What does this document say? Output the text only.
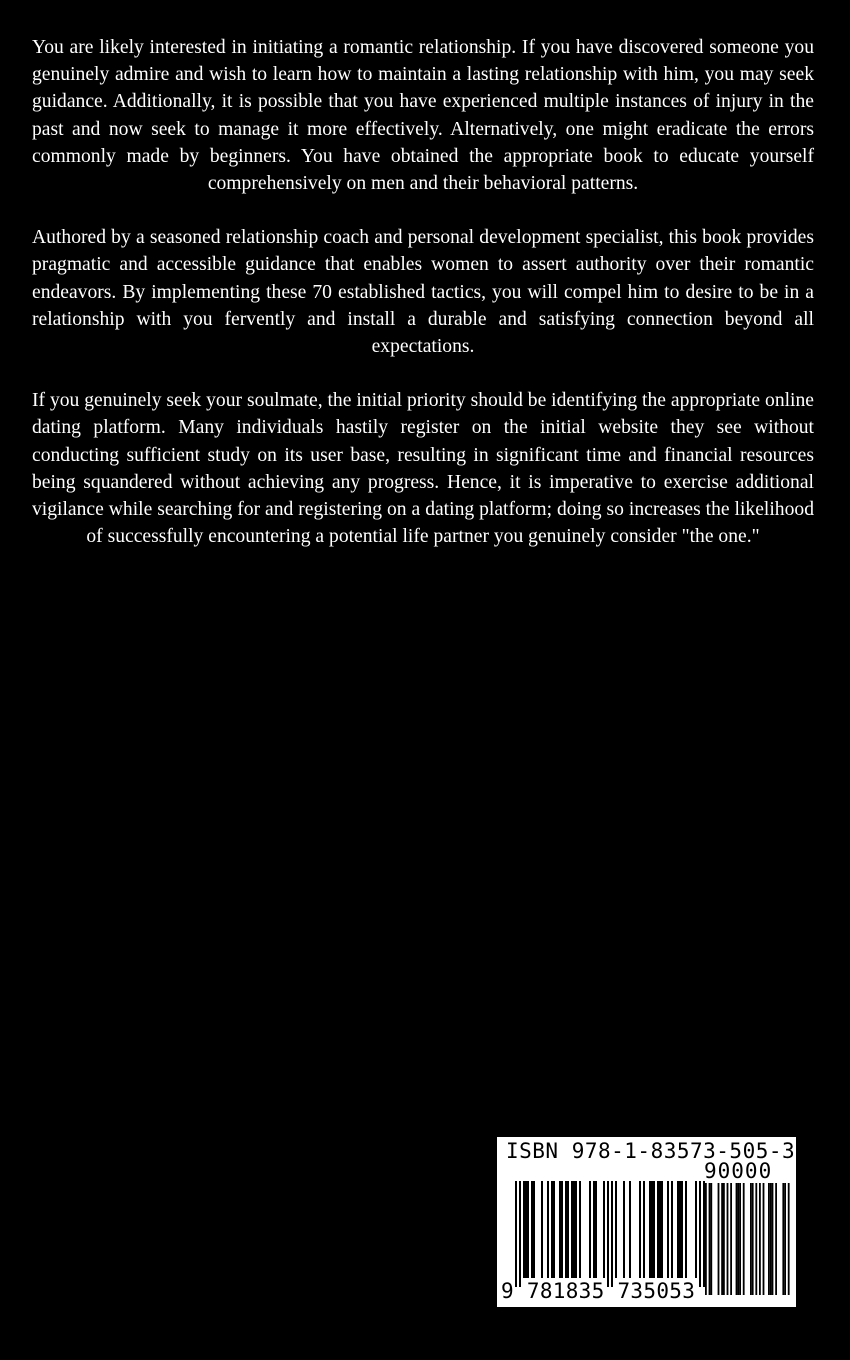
You are likely interested in initiating a romantic relationship. If you have discovered someone you genuinely admire and wish to learn how to maintain a lasting relationship with him, you may seek guidance. Additionally, it is possible that you have experienced multiple instances of injury in the past and now seek to manage it more effectively. Alternatively, one might eradicate the errors commonly made by beginners. You have obtained the appropriate book to educate yourself comprehensively on men and their behavioral patterns.

Authored by a seasoned relationship coach and personal development specialist, this book provides pragmatic and accessible guidance that enables women to assert authority over their romantic endeavors. By implementing these 70 established tactics, you will compel him to desire to be in a relationship with you fervently and install a durable and satisfying connection beyond all expectations.

If you genuinely seek your soulmate, the initial priority should be identifying the appropriate online dating platform. Many individuals hastily register on the initial website they see without conducting sufficient study on its user base, resulting in significant time and financial resources being squandered without achieving any progress. Hence, it is imperative to exercise additional vigilance while searching for and registering on a dating platform; doing so increases the likelihood of successfully encountering a potential life partner you genuinely consider "the one."

ISBN 978-1-83573-505-3
90000
9 781835 735053
